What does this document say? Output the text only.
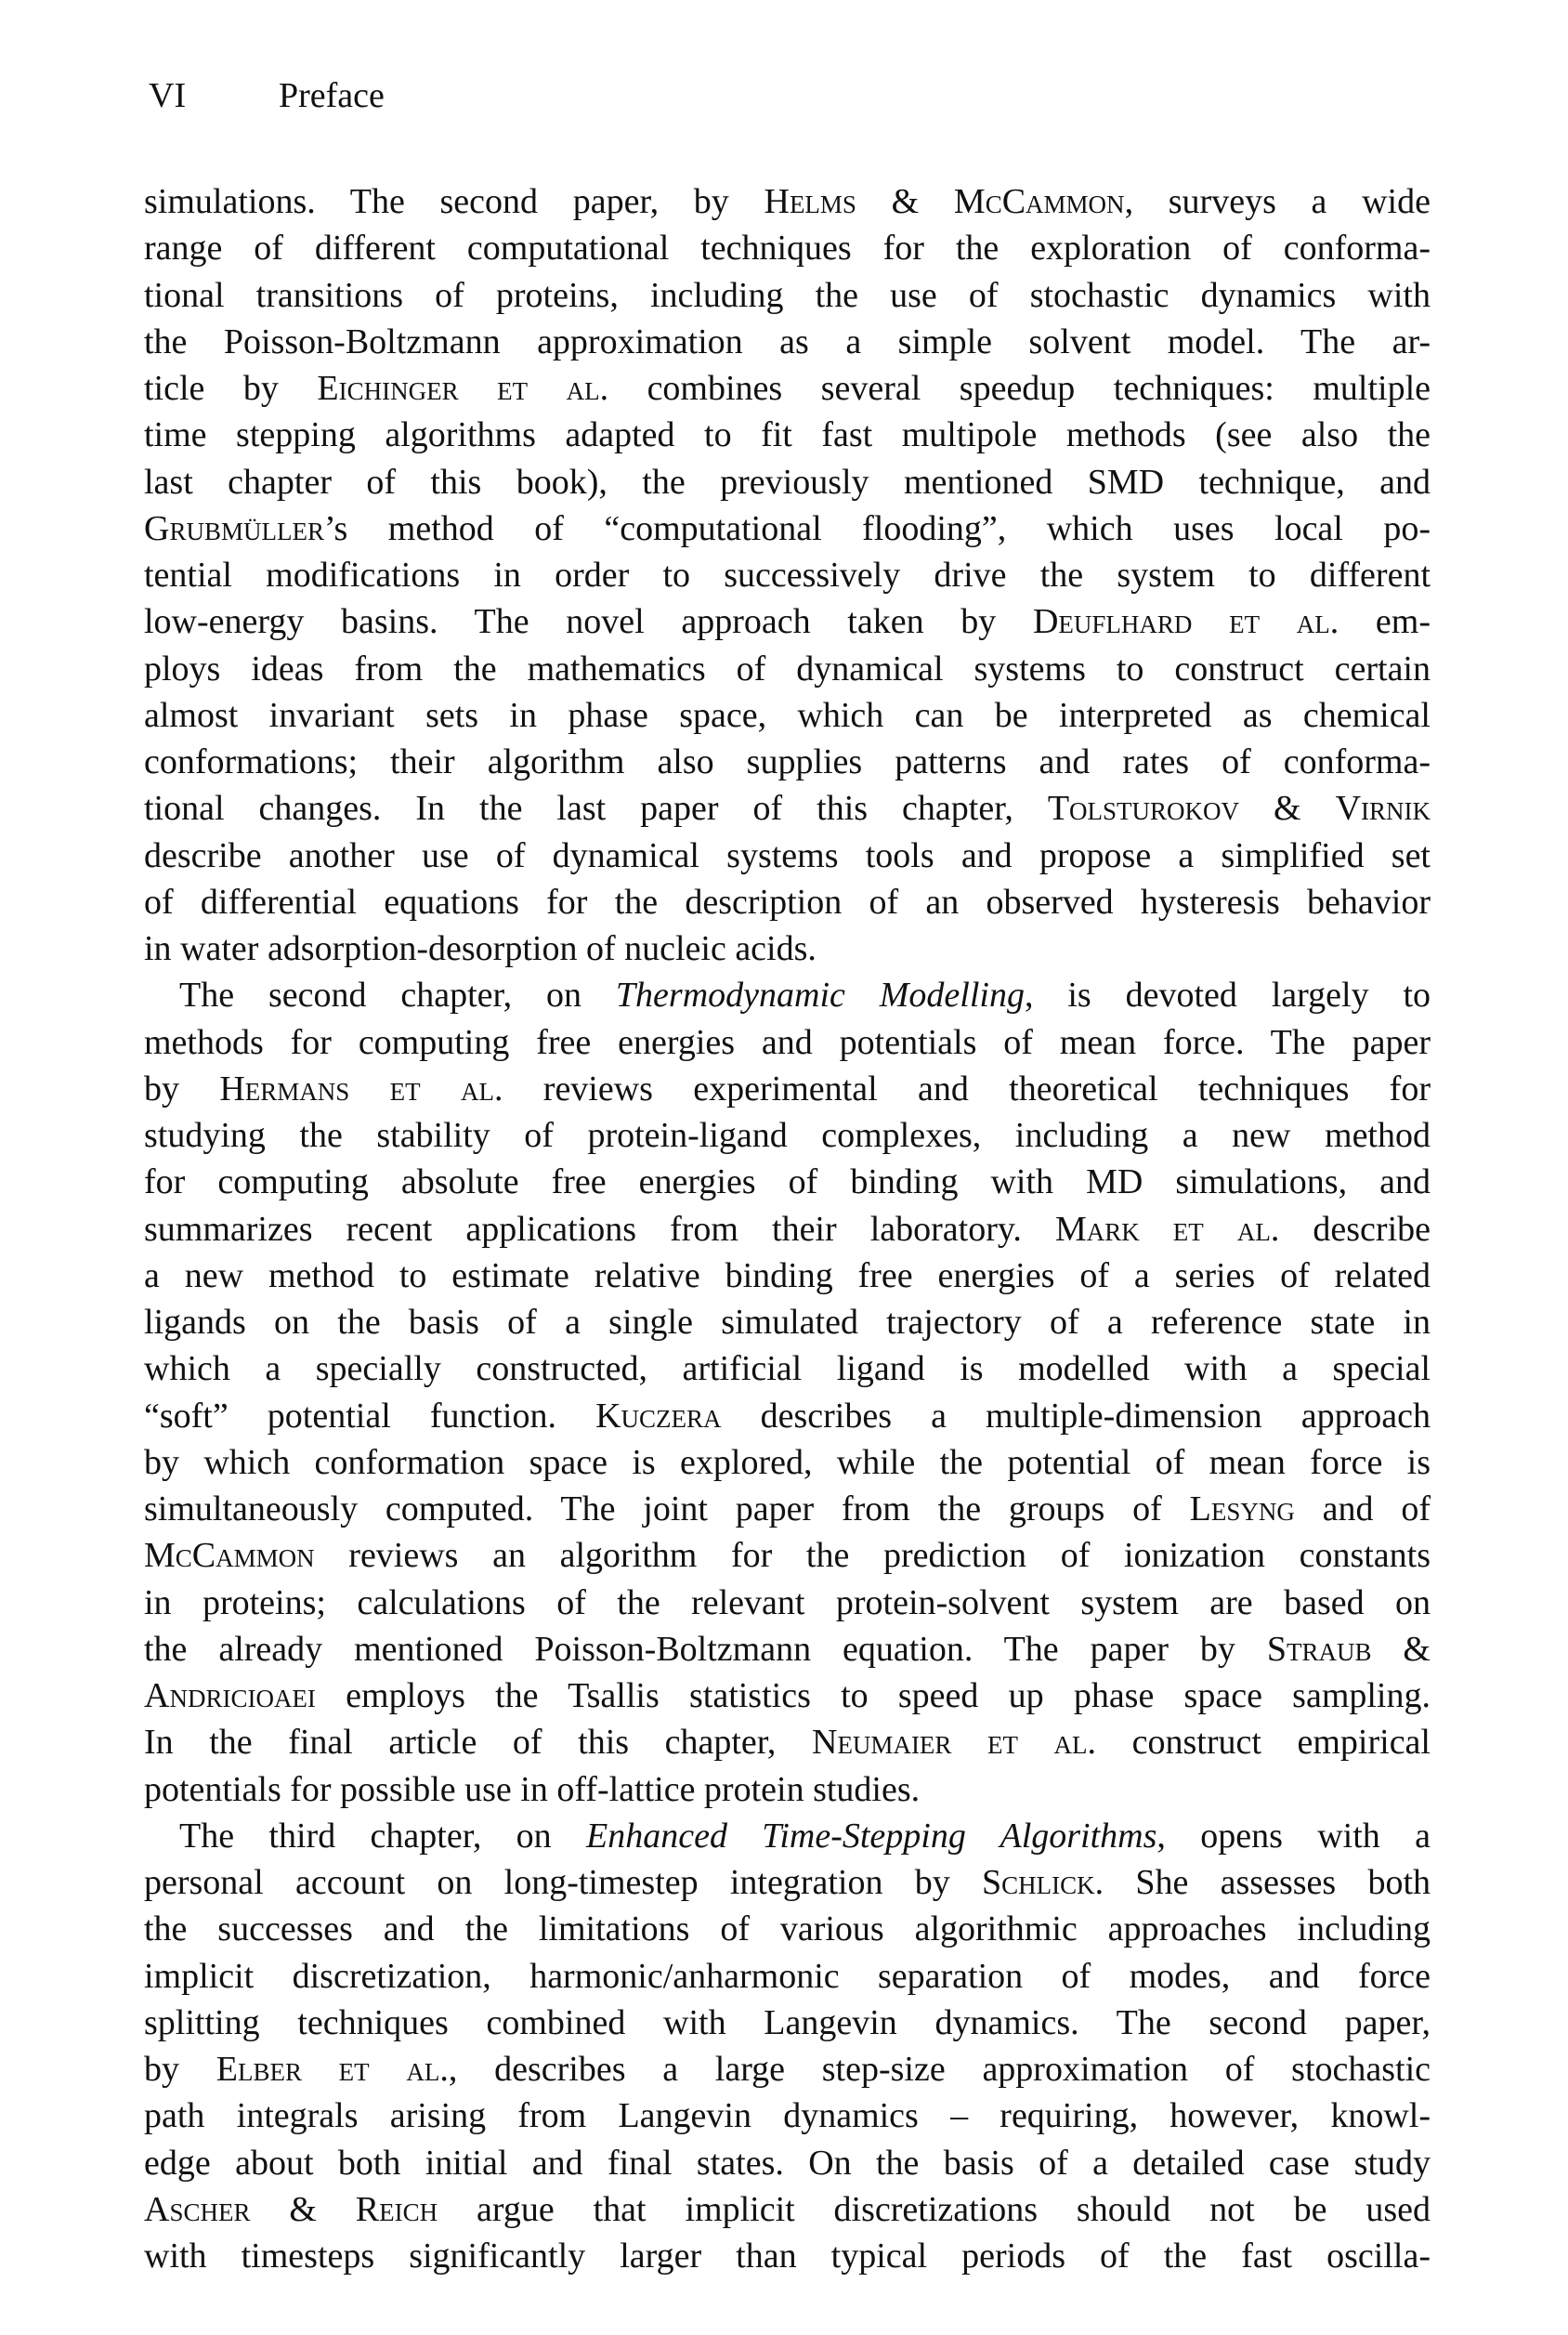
VI	Preface
simulations. The second paper, by Helms & McCammon, surveys a wide
range of different computational techniques for the exploration of conforma-
tional transitions of proteins, including the use of stochastic dynamics with
the Poisson-Boltzmann approximation as a simple solvent model. The ar-
ticle by Eichinger et al. combines several speedup techniques: multiple
time stepping algorithms adapted to fit fast multipole methods (see also the
last chapter of this book), the previously mentioned SMD technique, and
Grubmüller’s method of “computational flooding”, which uses local po-
tential modifications in order to successively drive the system to different
low-energy basins. The novel approach taken by Deuflhard et al. em-
ploys ideas from the mathematics of dynamical systems to construct certain
almost invariant sets in phase space, which can be interpreted as chemical
conformations; their algorithm also supplies patterns and rates of conforma-
tional changes. In the last paper of this chapter, Tolsturokov & Virnik
describe another use of dynamical systems tools and propose a simplified set
of differential equations for the description of an observed hysteresis behavior
in water adsorption-desorption of nucleic acids.
The second chapter, on Thermodynamic Modelling, is devoted largely to
methods for computing free energies and potentials of mean force. The paper
by Hermans et al. reviews experimental and theoretical techniques for
studying the stability of protein-ligand complexes, including a new method
for computing absolute free energies of binding with MD simulations, and
summarizes recent applications from their laboratory. Mark et al. describe
a new method to estimate relative binding free energies of a series of related
ligands on the basis of a single simulated trajectory of a reference state in
which a specially constructed, artificial ligand is modelled with a special
“soft” potential function. Kuczera describes a multiple-dimension approach
by which conformation space is explored, while the potential of mean force is
simultaneously computed. The joint paper from the groups of Lesyng and of
McCammon reviews an algorithm for the prediction of ionization constants
in proteins; calculations of the relevant protein-solvent system are based on
the already mentioned Poisson-Boltzmann equation. The paper by Straub &
Andricioaei employs the Tsallis statistics to speed up phase space sampling.
In the final article of this chapter, Neumaier et al. construct empirical
potentials for possible use in off-lattice protein studies.
The third chapter, on Enhanced Time-Stepping Algorithms, opens with a
personal account on long-timestep integration by Schlick. She assesses both
the successes and the limitations of various algorithmic approaches including
implicit discretization, harmonic/anharmonic separation of modes, and force
splitting techniques combined with Langevin dynamics. The second paper,
by Elber et al., describes a large step-size approximation of stochastic
path integrals arising from Langevin dynamics – requiring, however, knowl-
edge about both initial and final states. On the basis of a detailed case study
Ascher & Reich argue that implicit discretizations should not be used
with timesteps significantly larger than typical periods of the fast oscilla-
